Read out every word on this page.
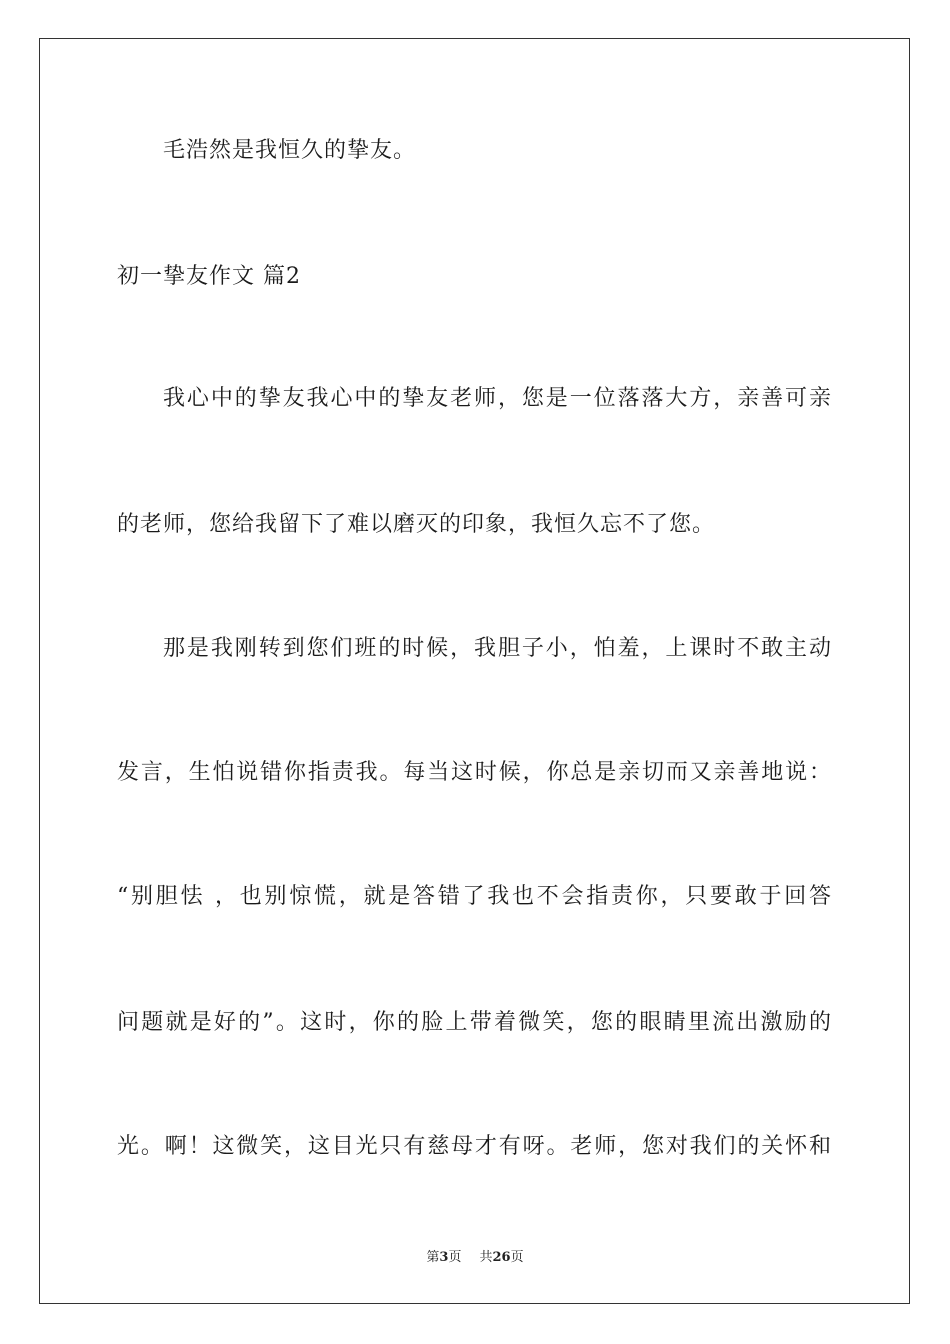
毛浩然是我恒久的挚友。
初一挚友作文 篇2
我心中的挚友我心中的挚友老师，您是一位落落大方，亲善可亲
的老师，您给我留下了难以磨灭的印象，我恒久忘不了您。
那是我刚转到您们班的时候，我胆子小，怕羞，上课时不敢主动
发言，生怕说错你指责我。每当这时候，你总是亲切而又亲善地说：
“别胆怯 ，也别惊慌，就是答错了我也不会指责你，只要敢于回答
问题就是好的”。这时，你的脸上带着微笑，您的眼睛里流出激励的
光。啊！这微笑，这目光只有慈母才有呀。老师，您对我们的关怀和
第3页 共26页
